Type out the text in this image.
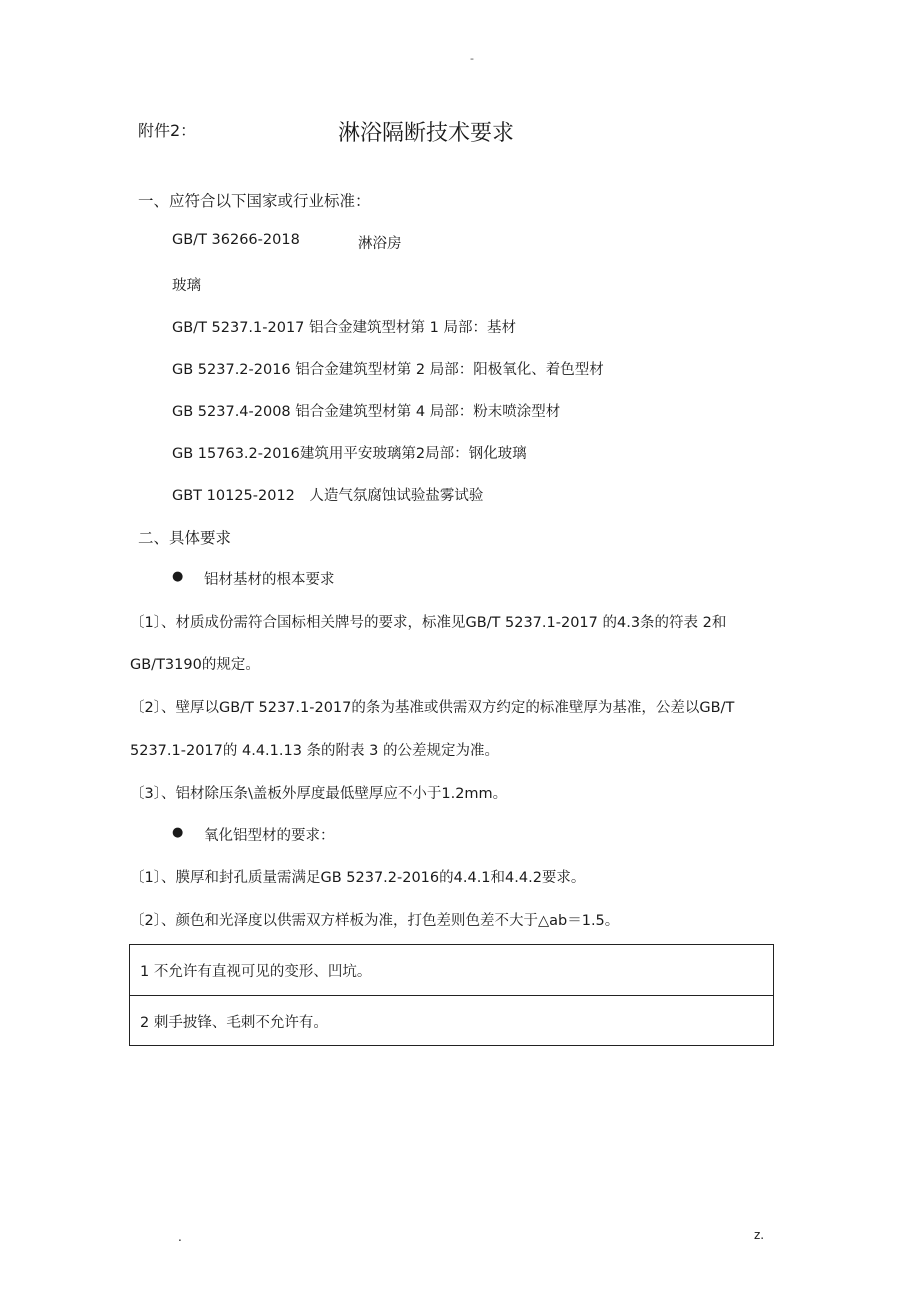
-
附件2：	淋浴隔断技术要求
一、应符合以下国家或行业标准：
GB/T 36266-2018	淋浴房
玻璃
GB/T 5237.1-2017 铝合金建筑型材第 1 局部：基材
GB 5237.2-2016 铝合金建筑型材第 2 局部：阳极氧化、着色型材
GB 5237.4-2008 铝合金建筑型材第 4 局部：粉末喷涂型材
GB 15763.2-2016建筑用平安玻璃第2局部：钢化玻璃
GBT 10125-2012　人造气氛腐蚀试验盐雾试验
二、具体要求
● 铝材基材的根本要求
〔1〕、材质成份需符合国标相关牌号的要求，标准见GB/T 5237.1-2017 的4.3条的符表 2和
GB/T3190的规定。
〔2〕、壁厚以GB/T 5237.1-2017的条为基准或供需双方约定的标准壁厚为基准，公差以GB/T
5237.1-2017的 4.4.1.13 条的附表 3 的公差规定为准。
〔3〕、铝材除压条\盖板外厚度最低壁厚应不小于1.2mm。
● 氧化铝型材的要求：
〔1〕、膜厚和封孔质量需满足GB 5237.2-2016的4.4.1和4.4.2要求。
〔2〕、颜色和光泽度以供需双方样板为准，打色差则色差不大于△ab＝1.5。
1 不允许有直视可见的变形、凹坑。
2 刺手披锋、毛刺不允许有。
.	z.
